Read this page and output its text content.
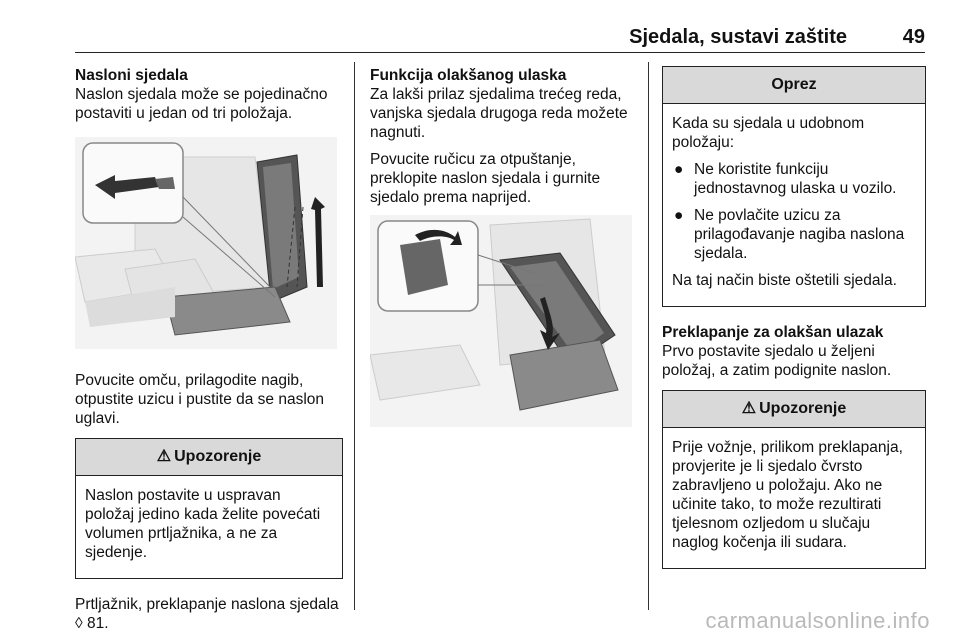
Sjedala, sustavi zaštite	49
Nasloni sjedala

Naslon sjedala može se pojedinačno postaviti u jedan od tri položaja.

Povucite omču, prilagodite nagib, otpustite uzicu i pustite da se naslon uglavi.

⚠ Upozorenje

Naslon postavite u uspravan položaj jedino kada želite povećati volumen prtljažnika, a ne za sjedenje.

Prtljažnik, preklapanje naslona sjedala ◊ 81.

Funkcija olakšanog ulaska

Za lakši prilaz sjedalima trećeg reda, vanjska sjedala drugoga reda možete nagnuti.

Povucite ručicu za otpuštanje, preklopite naslon sjedala i gurnite sjedalo prema naprijed.

Oprez

Kada su sjedala u udobnom položaju:

● Ne koristite funkciju jednostavnog ulaska u vozilo.
● Ne povlačite uzicu za prilagođavanje nagiba naslona sjedala.

Na taj način biste oštetili sjedala.

Preklapanje za olakšan ulazak

Prvo postavite sjedalo u željeni položaj, a zatim podignite naslon.

⚠ Upozorenje

Prije vožnje, prilikom preklapanja, provjerite je li sjedalo čvrsto zabravljeno u položaju. Ako ne učinite tako, to može rezultirati tjelesnom ozljedom u slučaju naglog kočenja ili sudara.

carmanualsonline.info
